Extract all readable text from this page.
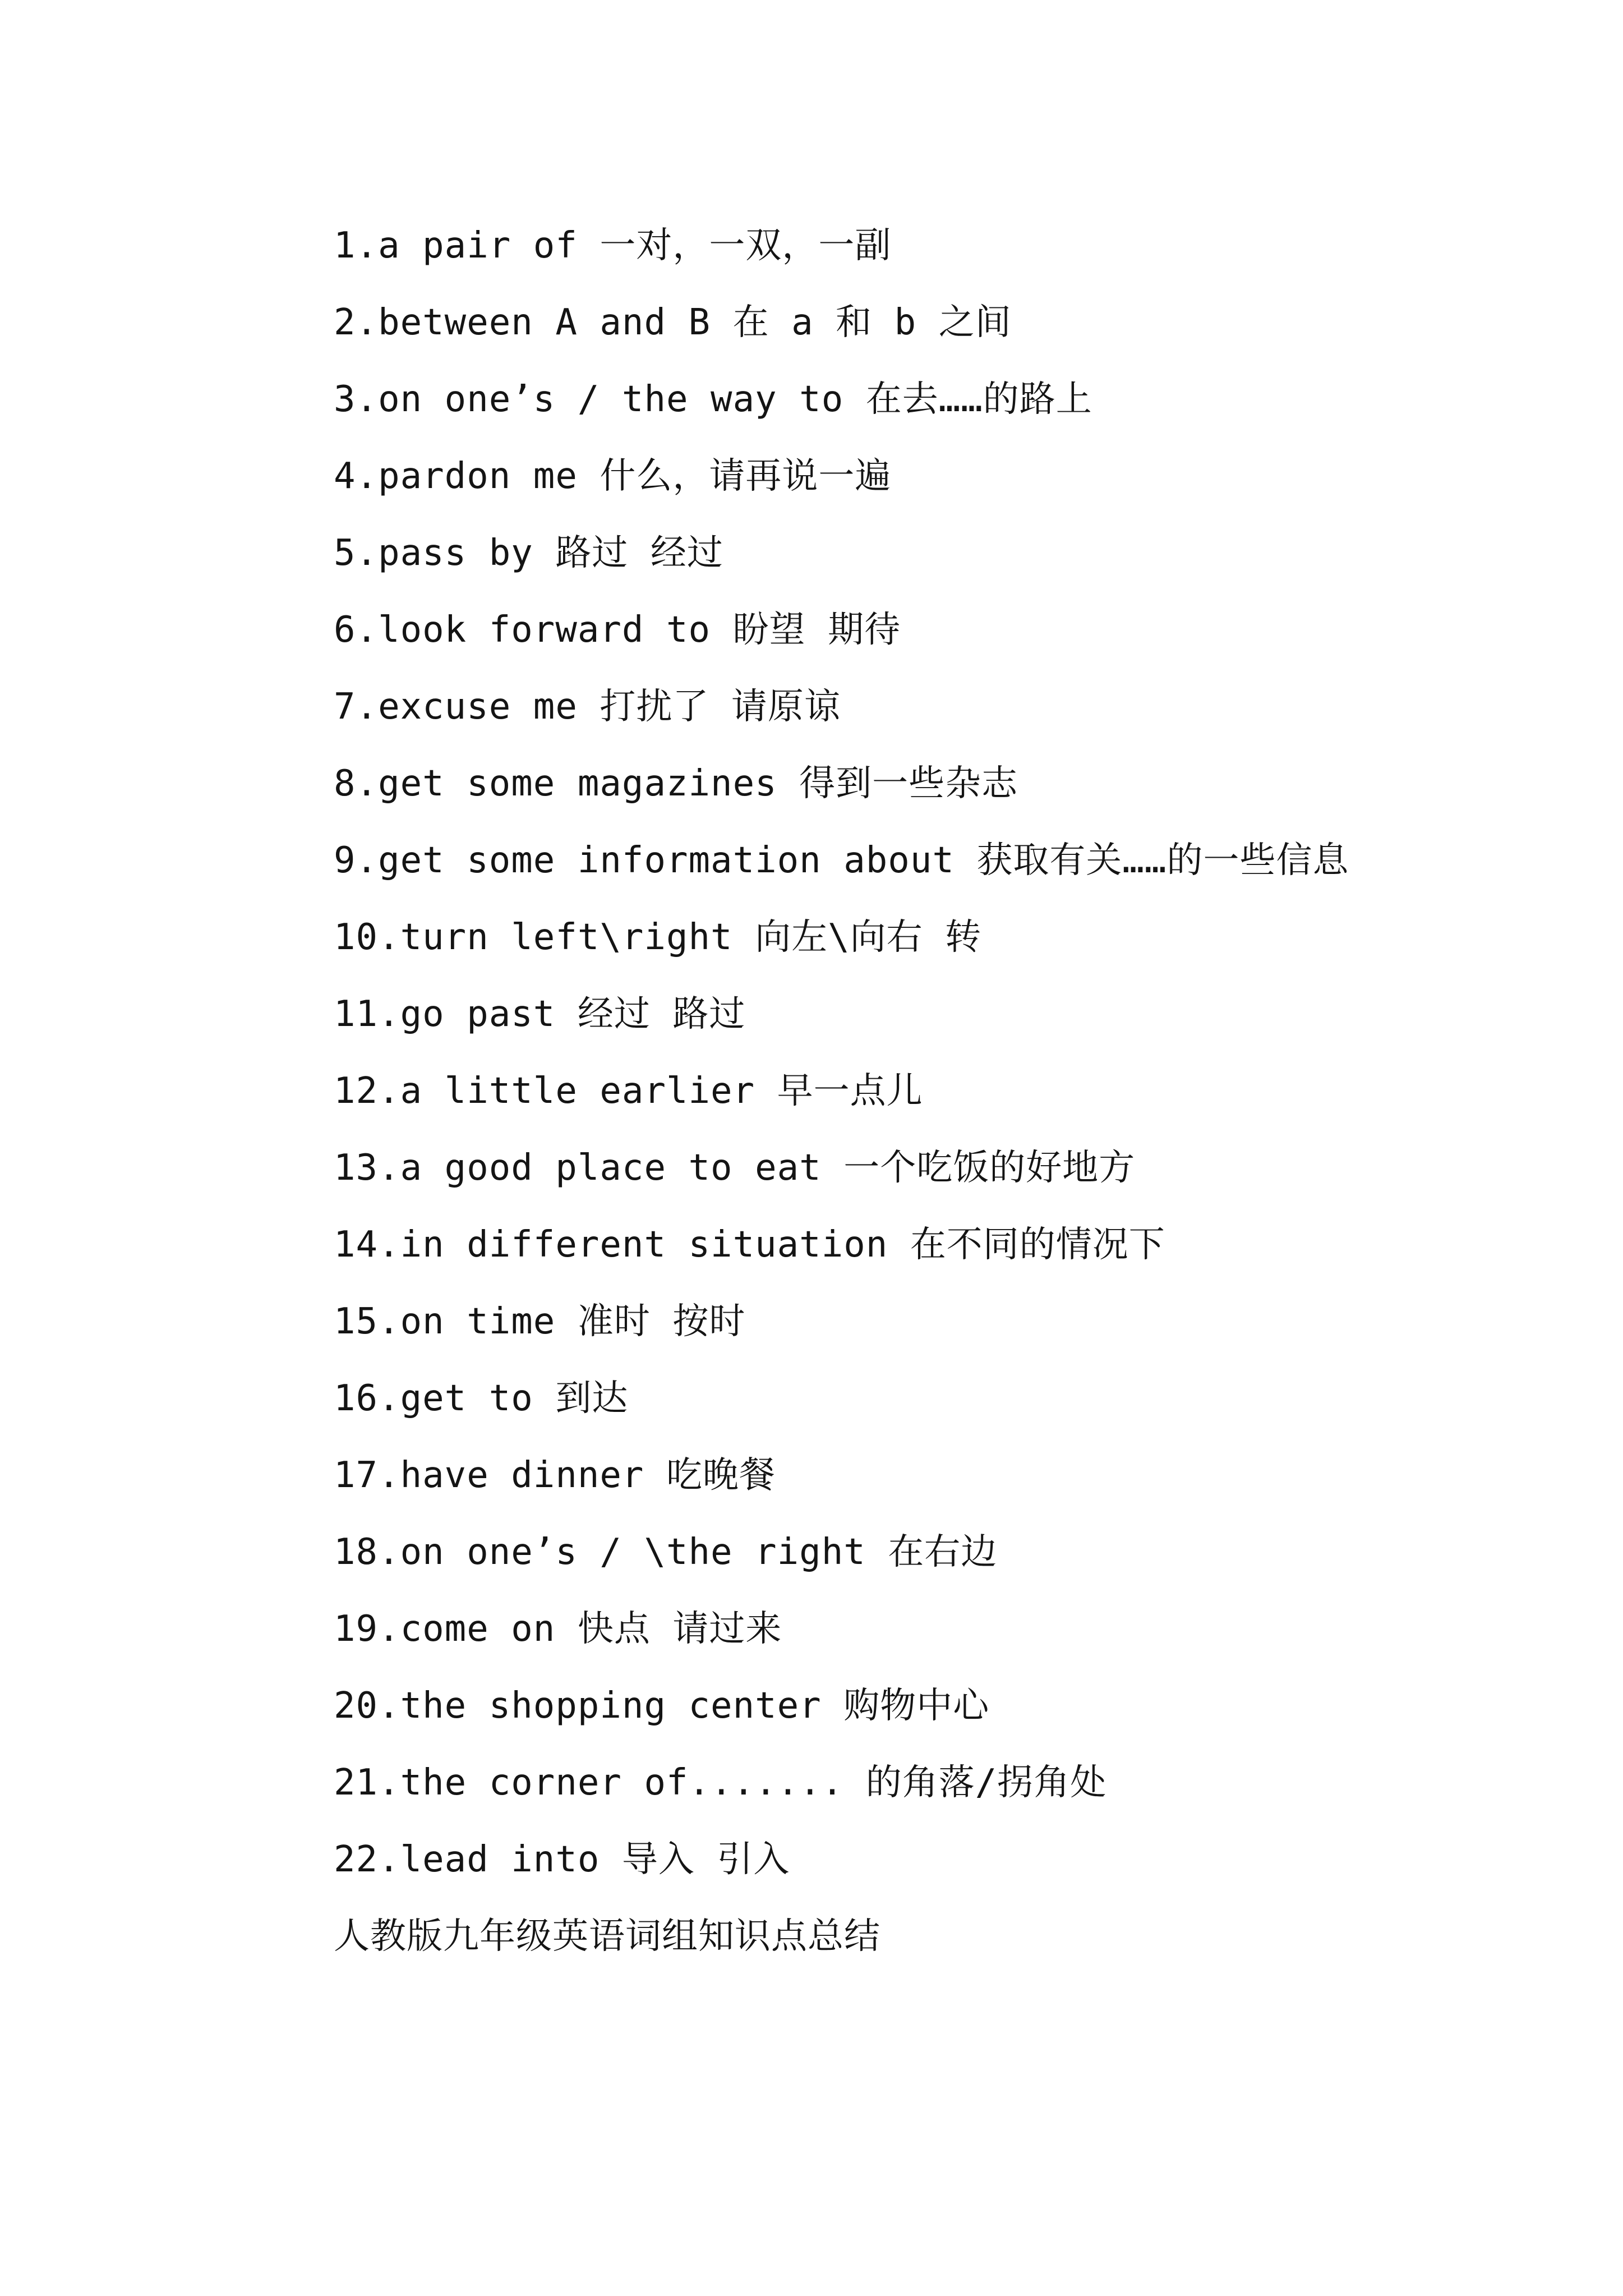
1.a pair of 一对，一双，一副

2.between A and B 在 a 和 b 之间

3.on one’s / the way to 在去……的路上

4.pardon me 什么，请再说一遍

5.pass by 路过 经过

6.look forward to 盼望 期待

7.excuse me 打扰了 请原谅

8.get some magazines 得到一些杂志

9.get some information about 获取有关……的一些信息

10.turn left\right 向左\向右 转

11.go past 经过 路过

12.a little earlier 早一点儿

13.a good place to eat 一个吃饭的好地方

14.in different situation 在不同的情况下

15.on time 准时 按时

16.get to 到达

17.have dinner 吃晚餐

18.on one’s / \the right 在右边

19.come on 快点 请过来

20.the shopping center 购物中心

21.the corner of....... 的角落/拐角处

22.lead into 导入 引入

人教版九年级英语词组知识点总结
